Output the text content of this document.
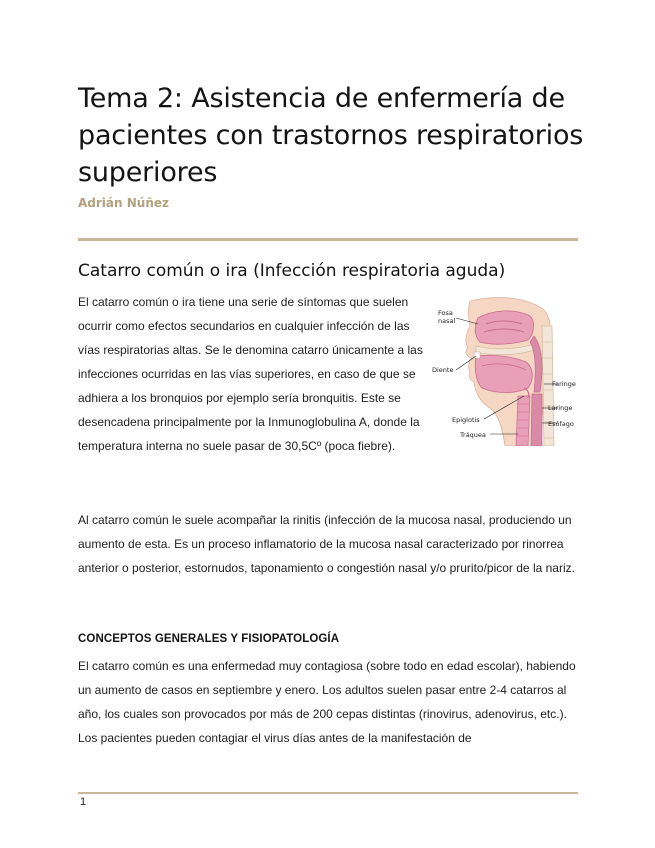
Tema 2: Asistencia de enfermería de pacientes con trastornos respiratorios superiores

Adrián Núñez

Catarro común o ira (Infección respiratoria aguda)

El catarro común o ira tiene una serie de síntomas que suelen ocurrir como efectos secundarios en cualquier infección de las vías respiratorias altas. Se le denomina catarro únicamente a las infecciones ocurridas en las vías superiores, en caso de que se adhiera a los bronquios por ejemplo sería bronquitis. Este se desencadena principalmente por la Inmunoglobulina A, donde la temperatura interna no suele pasar de 30,5Cº (poca fiebre).

Fosa
nasal
Diente
Faringe
Laringe
Esófago
Epiglotis
Tráquea

Al catarro común le suele acompañar la rinitis (infección de la mucosa nasal, produciendo un aumento de esta. Es un proceso inflamatorio de la mucosa nasal caracterizado por rinorrea anterior o posterior, estornudos, taponamiento o congestión nasal y/o prurito/picor de la nariz.

CONCEPTOS GENERALES Y FISIOPATOLOGÍA

El catarro común es una enfermedad muy contagiosa (sobre todo en edad escolar), habiendo un aumento de casos en septiembre y enero. Los adultos suelen pasar entre 2-4 catarros al año, los cuales son provocados por más de 200 cepas distintas (rinovirus, adenovirus, etc.). Los pacientes pueden contagiar el virus días antes de la manifestación de

1
